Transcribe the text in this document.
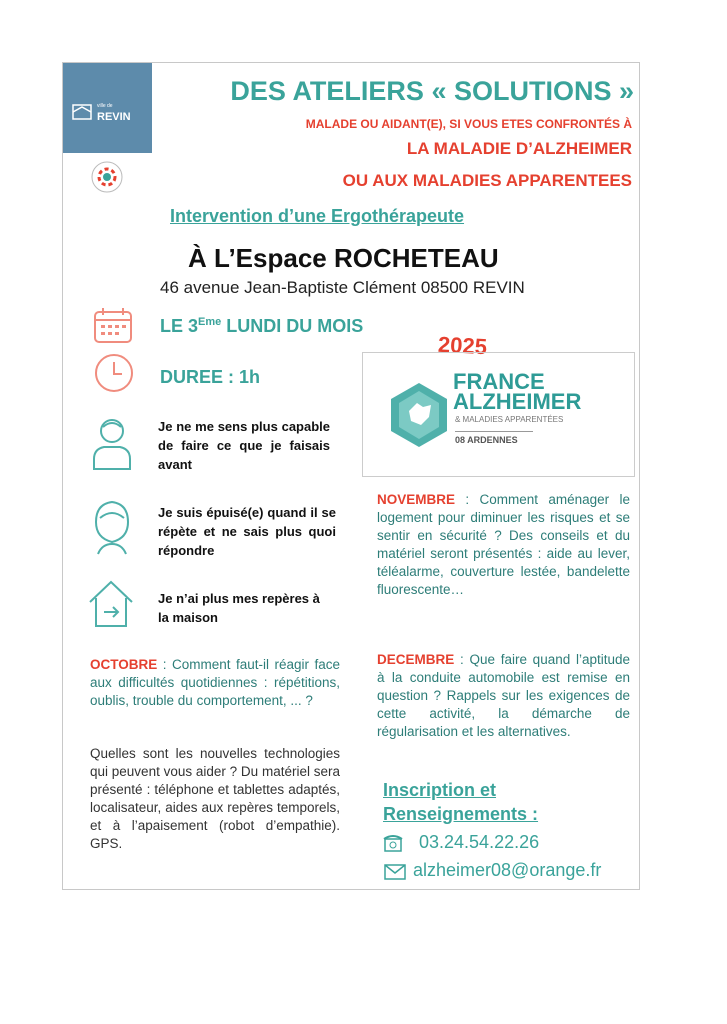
ville de
REVIN
DES ATELIERS « SOLUTIONS »
MALADE OU AIDANT(E), SI VOUS ETES CONFRONTÉS À
LA MALADIE D’ALZHEIMER
OU AUX MALADIES APPARENTEES
Intervention d’une Ergothérapeute
À L’Espace ROCHETEAU
46 avenue Jean-Baptiste Clément 08500 REVIN
LE 3Eme LUNDI DU MOIS
2025
DUREE : 1h
Je ne me sens plus capable de faire ce que je faisais avant
Je suis épuisé(e) quand il se répète et ne sais plus quoi répondre
Je n’ai plus mes repères à la maison
FRANCE
ALZHEIMER
& MALADIES APPARENTÉES
08 ARDENNES
NOVEMBRE : Comment aménager le logement pour diminuer les risques et se sentir en sécurité ? Des conseils et du matériel seront présentés : aide au lever, téléalarme, couverture lestée, bandelette fluorescente…
DECEMBRE : Que faire quand l’aptitude à la conduite automobile est remise en question ? Rappels sur les exigences de cette activité, la démarche de régularisation et les alternatives.
OCTOBRE : Comment faut-il réagir face aux difficultés quotidiennes : répétitions, oublis, trouble du comportement, ... ?
Quelles sont les nouvelles technologies qui peuvent vous aider ? Du matériel sera présenté : téléphone et tablettes adaptés, localisateur, aides aux repères temporels, et à l’apaisement (robot d’empathie). GPS.
Inscription et
Renseignements :
03.24.54.22.26
alzheimer08@orange.fr
